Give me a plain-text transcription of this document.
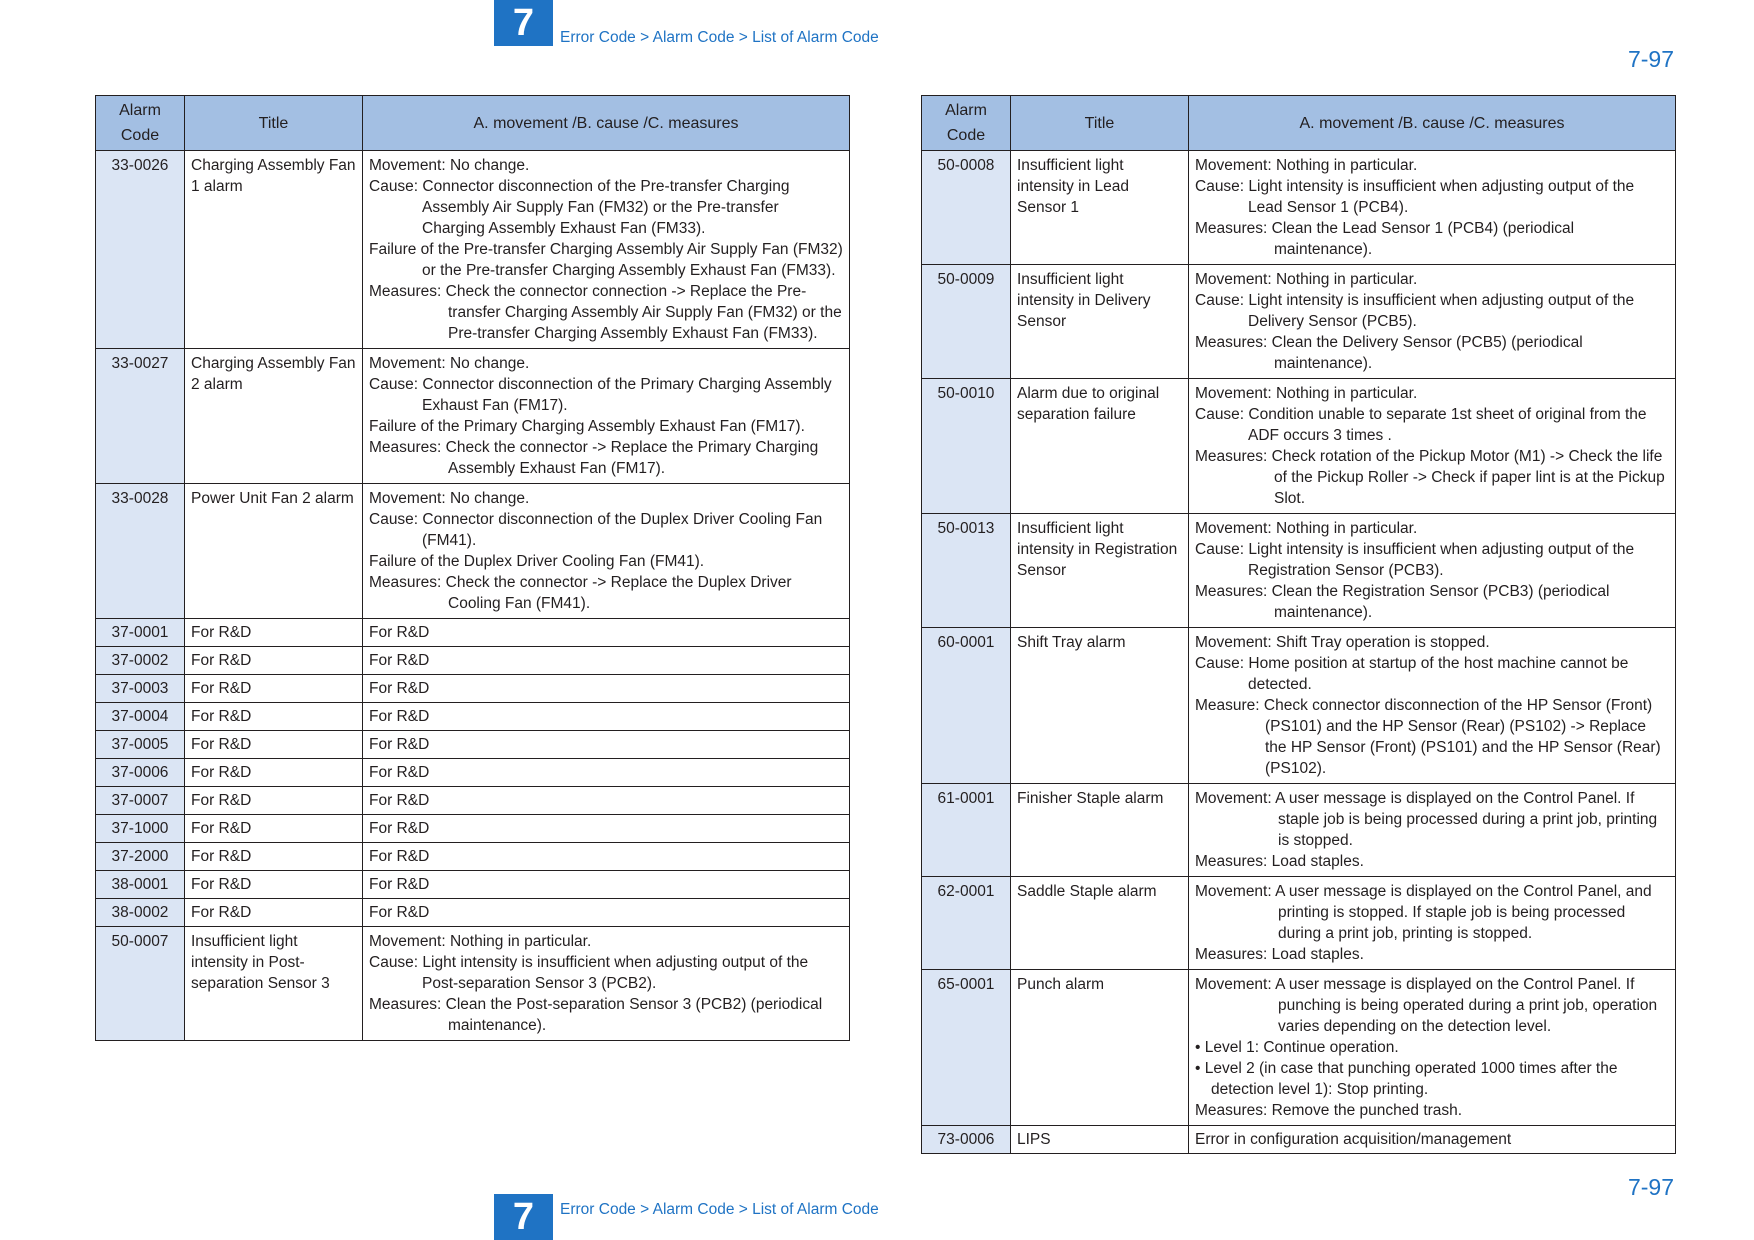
7	Error Code > Alarm Code > List of Alarm Code
7-97
Alarm
Code	Title	A. movement /B. cause /C. measures
33-0026	Charging Assembly Fan 1 alarm	Movement: No change.
Cause: Connector disconnection of the Pre-transfer Charging Assembly Air Supply Fan (FM32) or the Pre-transfer Charging Assembly Exhaust Fan (FM33).
Failure of the Pre-transfer Charging Assembly Air Supply Fan (FM32) or the Pre-transfer Charging Assembly Exhaust Fan (FM33).
Measures: Check the connector connection -> Replace the Pre-transfer Charging Assembly Air Supply Fan (FM32) or the Pre-transfer Charging Assembly Exhaust Fan (FM33).

33-0027	Charging Assembly Fan 2 alarm	Movement: No change.
Cause: Connector disconnection of the Primary Charging Assembly Exhaust Fan (FM17).
Failure of the Primary Charging Assembly Exhaust Fan (FM17).
Measures: Check the connector -> Replace the Primary Charging Assembly Exhaust Fan (FM17).

33-0028	Power Unit Fan 2 alarm	Movement: No change.
Cause: Connector disconnection of the Duplex Driver Cooling Fan (FM41).
Failure of the Duplex Driver Cooling Fan (FM41).
Measures: Check the connector -> Replace the Duplex Driver Cooling Fan (FM41).

37-0001	For R&D	For R&D

37-0002	For R&D	For R&D

37-0003	For R&D	For R&D

37-0004	For R&D	For R&D

37-0005	For R&D	For R&D

37-0006	For R&D	For R&D

37-0007	For R&D	For R&D

37-1000	For R&D	For R&D

37-2000	For R&D	For R&D

38-0001	For R&D	For R&D

38-0002	For R&D	For R&D

50-0007	Insufficient light intensity in Post-separation Sensor 3	Movement: Nothing in particular.
Cause: Light intensity is insufficient when adjusting output of the Post-separation Sensor 3 (PCB2).
Measures: Clean the Post-separation Sensor 3 (PCB2) (periodical maintenance).
Alarm
Code	Title	A. movement /B. cause /C. measures
50-0008	Insufficient light intensity in Lead Sensor 1	Movement: Nothing in particular.
Cause: Light intensity is insufficient when adjusting output of the Lead Sensor 1 (PCB4).
Measures: Clean the Lead Sensor 1 (PCB4) (periodical maintenance).

50-0009	Insufficient light intensity in Delivery Sensor	Movement: Nothing in particular.
Cause: Light intensity is insufficient when adjusting output of the Delivery Sensor (PCB5).
Measures: Clean the Delivery Sensor (PCB5) (periodical maintenance).

50-0010	Alarm due to original separation failure	Movement: Nothing in particular.
Cause: Condition unable to separate 1st sheet of original from the ADF occurs 3 times .
Measures: Check rotation of the Pickup Motor (M1) -> Check the life of the Pickup Roller -> Check if paper lint is at the Pickup Slot.

50-0013	Insufficient light intensity in Registration Sensor	Movement: Nothing in particular.
Cause: Light intensity is insufficient when adjusting output of the Registration Sensor (PCB3).
Measures: Clean the Registration Sensor (PCB3) (periodical maintenance).

60-0001	Shift Tray alarm	Movement: Shift Tray operation is stopped.
Cause: Home position at startup of the host machine cannot be detected.
Measure: Check connector disconnection of the HP Sensor (Front) (PS101) and the HP Sensor (Rear) (PS102) -> Replace the HP Sensor (Front) (PS101) and the HP Sensor (Rear) (PS102).

61-0001	Finisher Staple alarm	Movement: A user message is displayed on the Control Panel. If staple job is being processed during a print job, printing is stopped.
Measures: Load staples.

62-0001	Saddle Staple alarm	Movement: A user message is displayed on the Control Panel, and printing is stopped. If staple job is being processed during a print job, printing is stopped.
Measures: Load staples.

65-0001	Punch alarm	Movement: A user message is displayed on the Control Panel. If punching is being operated during a print job, operation varies depending on the detection level.
• Level 1: Continue operation.
• Level 2 (in case that punching operated 1000 times after the detection level 1): Stop printing.
Measures: Remove the punched trash.

73-0006	LIPS	Error in configuration acquisition/management
7-97
7	Error Code > Alarm Code > List of Alarm Code
